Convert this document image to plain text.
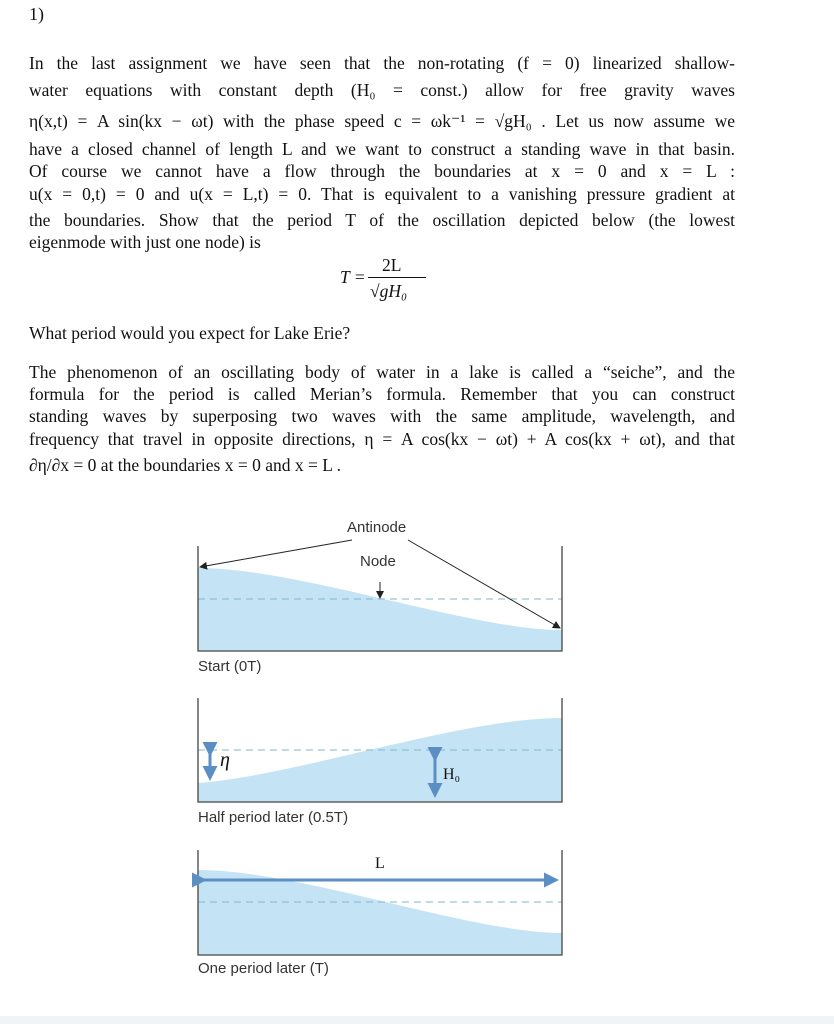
1)
In the last assignment we have seen that the non-rotating (f = 0) linearized shallow-
water equations with constant depth (H₀ = const.) allow for free gravity waves
η(x,t) = A sin(kx − ωt) with the phase speed c = ωk⁻¹ = √gH₀ . Let us now assume we
have a closed channel of length L and we want to construct a standing wave in that basin.
Of course we cannot have a flow through the boundaries at x = 0 and x = L :
u(x = 0,t) = 0 and u(x = L,t) = 0. That is equivalent to a vanishing pressure gradient at
the boundaries. Show that the period T of the oscillation depicted below (the lowest
eigenmode with just one node) is
T =
2L
√gH₀
What period would you expect for Lake Erie?
The phenomenon of an oscillating body of water in a lake is called a “seiche”, and the
formula for the period is called Merian’s formula. Remember that you can construct
standing waves by superposing two waves with the same amplitude, wavelength, and
frequency that travel in opposite directions, η = A cos(kx − ωt) + A cos(kx + ωt), and that
∂η/∂x = 0 at the boundaries x = 0 and x = L .
Antinode
Node
Start (0T)
η
H₀
Half period later (0.5T)
L
One period later (T)
